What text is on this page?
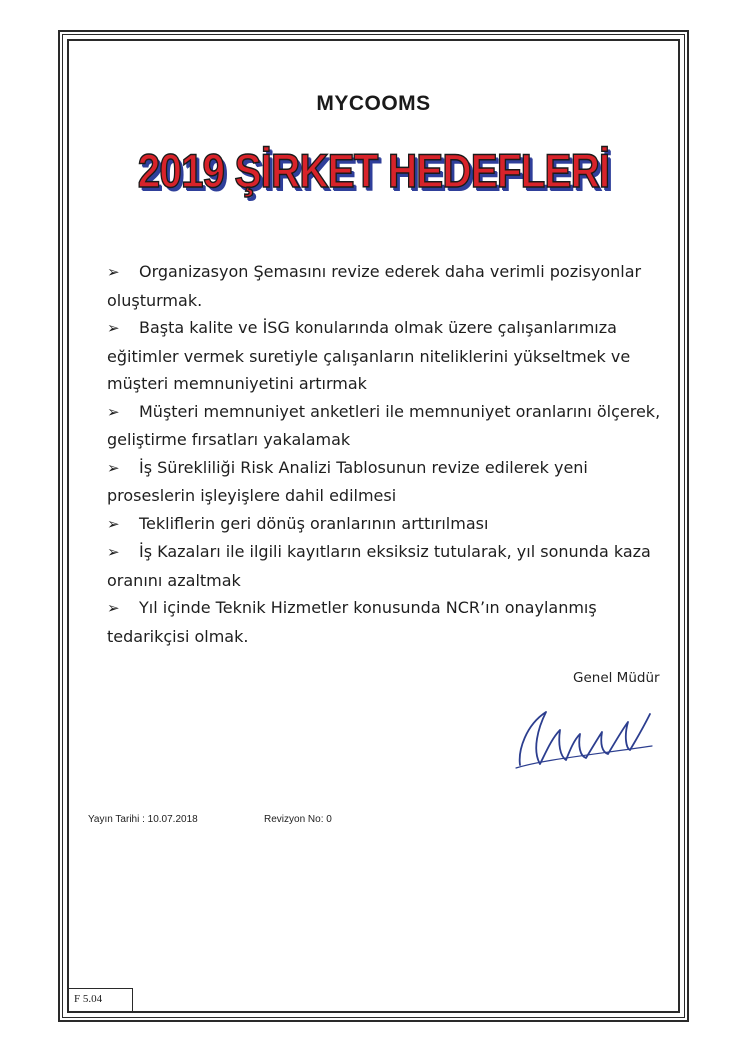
MYCOOMS
2019 ŞİRKET HEDEFLERİ

➢ Organizasyon Şemasını revize ederek daha verimli pozisyonlar oluşturmak.

➢ Başta kalite ve İSG konularında olmak üzere çalışanlarımıza eğitimler vermek suretiyle çalışanların niteliklerini yükseltmek ve müşteri memnuniyetini artırmak

➢ Müşteri memnuniyet anketleri ile memnuniyet oranlarını ölçerek, geliştirme fırsatları yakalamak

➢ İş Sürekliliği Risk Analizi Tablosunun revize edilerek yeni proseslerin işleyişlere dahil edilmesi

➢ Tekliflerin geri dönüş oranlarının arttırılması

➢ İş Kazaları ile ilgili kayıtların eksiksiz tutularak, yıl sonunda kaza oranını azaltmak

➢ Yıl içinde Teknik Hizmetler konusunda NCR’ın onaylanmış tedarikçisi olmak.

Genel Müdür
Yayın Tarihi : 10.07.2018	Revizyon No: 0
F 5.04
